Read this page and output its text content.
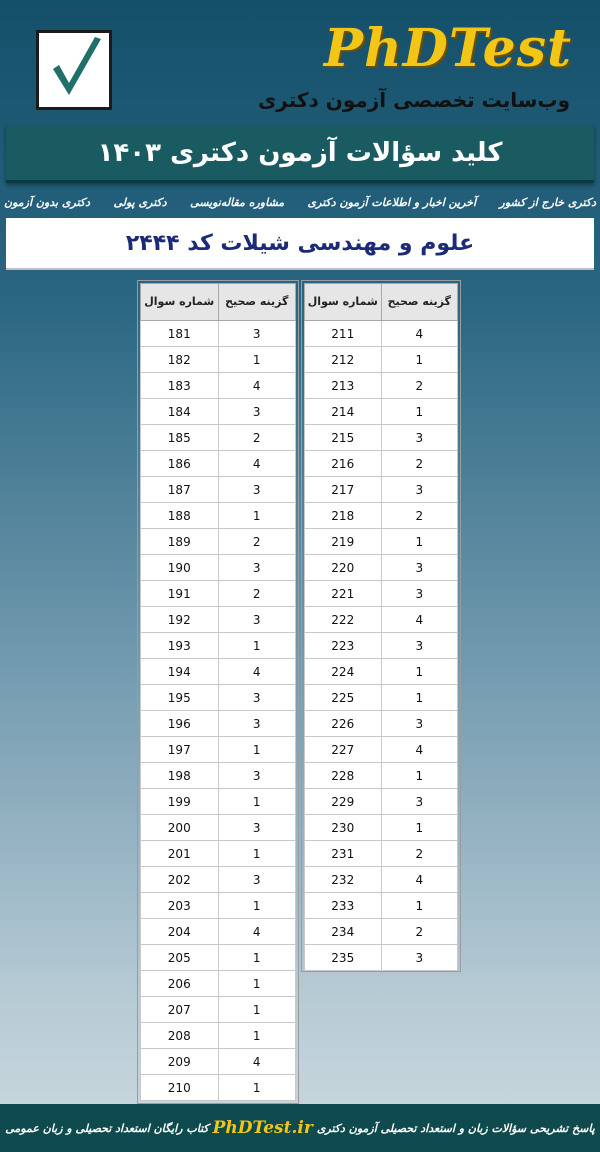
PhDTest
وب‌سایت تخصصی آزمون دکتری
کلید سؤالات آزمون دکتری ۱۴۰۳
دکتری بدون آزمون دکتری پولی مشاوره مقاله‌نویسی آخرین اخبار و اطلاعات آزمون دکتری دکتری خارج از کشور
علوم و مهندسی شیلات کد ۲۴۴۴
شماره سوال	گزینه صحیح
181	3
182	1
183	4
184	3
185	2
186	4
187	3
188	1
189	2
190	3
191	2
192	3
193	1
194	4
195	3
196	3
197	1
198	3
199	1
200	3
201	1
202	3
203	1
204	4
205	1
206	1
207	1
208	1
209	4
210	1
شماره سوال	گزینه صحیح
211	4
212	1
213	2
214	1
215	3
216	2
217	3
218	2
219	1
220	3
221	3
222	4
223	3
224	1
225	1
226	3
227	4
228	1
229	3
230	1
231	2
232	4
233	1
234	2
235	3
پاسخ تشریحی سؤالات زبان و استعداد تحصیلی آزمون دکتری
PhDTest.ir
کتاب رایگان استعداد تحصیلی و زبان عمومی
